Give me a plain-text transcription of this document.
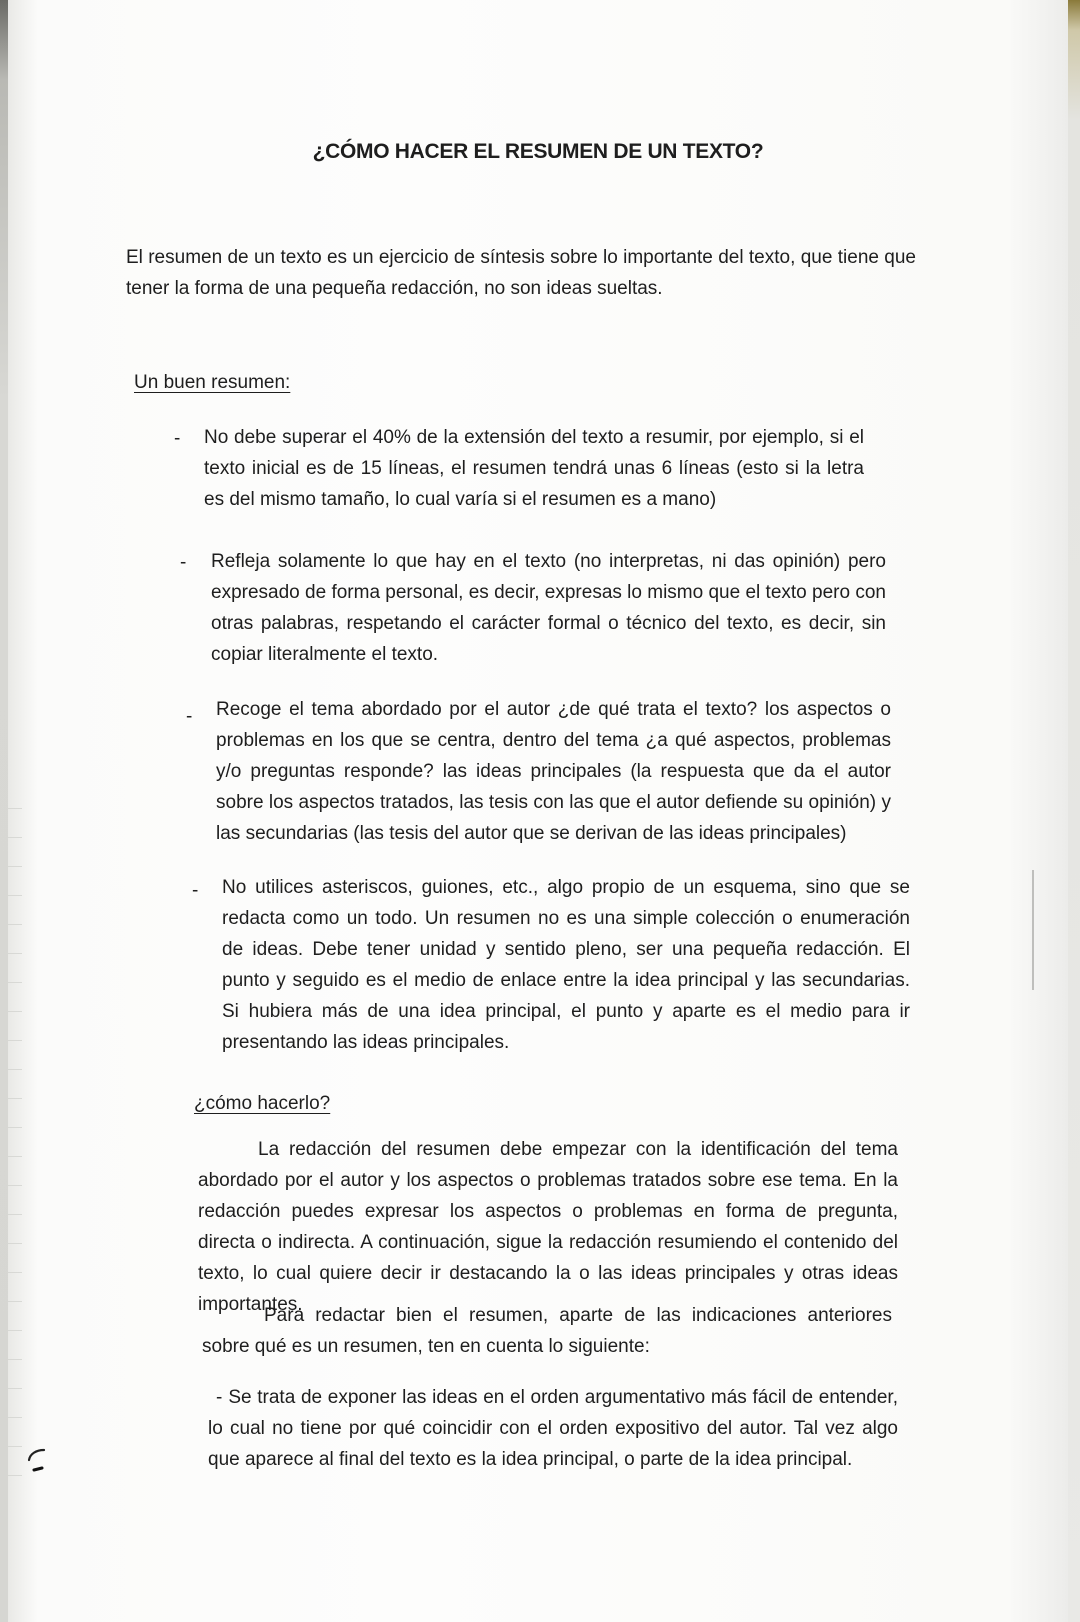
¿CÓMO HACER EL RESUMEN DE UN TEXTO?

El resumen de un texto es un ejercicio de síntesis sobre lo importante del texto, que tiene que tener la forma de una pequeña redacción, no son ideas sueltas.

Un buen resumen:
- No debe superar el 40% de la extensión del texto a resumir, por ejemplo, si el texto inicial es de 15 líneas, el resumen tendrá unas 6 líneas (esto si la letra es del mismo tamaño, lo cual varía si el resumen es a mano)

- Refleja solamente lo que hay en el texto (no interpretas, ni das opinión) pero expresado de forma personal, es decir, expresas lo mismo que el texto pero con otras palabras, respetando el carácter formal o técnico del texto, es decir, sin copiar literalmente el texto.

- Recoge el tema abordado por el autor ¿de qué trata el texto? los aspectos o problemas en los que se centra, dentro del tema ¿a qué aspectos, problemas y/o preguntas responde? las ideas principales (la respuesta que da el autor sobre los aspectos tratados, las tesis con las que el autor defiende su opinión) y las secundarias (las tesis del autor que se derivan de las ideas principales)

- No utilices asteriscos, guiones, etc., algo propio de un esquema, sino que se redacta como un todo. Un resumen no es una simple colección o enumeración de ideas. Debe tener unidad y sentido pleno, ser una pequeña redacción. El punto y seguido es el medio de enlace entre la idea principal y las secundarias. Si hubiera más de una idea principal, el punto y aparte es el medio para ir presentando las ideas principales.

¿cómo hacerlo?

La redacción del resumen debe empezar con la identificación del tema abordado por el autor y los aspectos o problemas tratados sobre ese tema. En la redacción puedes expresar los aspectos o problemas en forma de pregunta, directa o indirecta. A continuación, sigue la redacción resumiendo el contenido del texto, lo cual quiere decir ir destacando la o las ideas principales y otras ideas importantes.

Para redactar bien el resumen, aparte de las indicaciones anteriores sobre qué es un resumen, ten en cuenta lo siguiente:

- Se trata de exponer las ideas en el orden argumentativo más fácil de entender, lo cual no tiene por qué coincidir con el orden expositivo del autor. Tal vez algo que aparece al final del texto es la idea principal, o parte de la idea principal.
